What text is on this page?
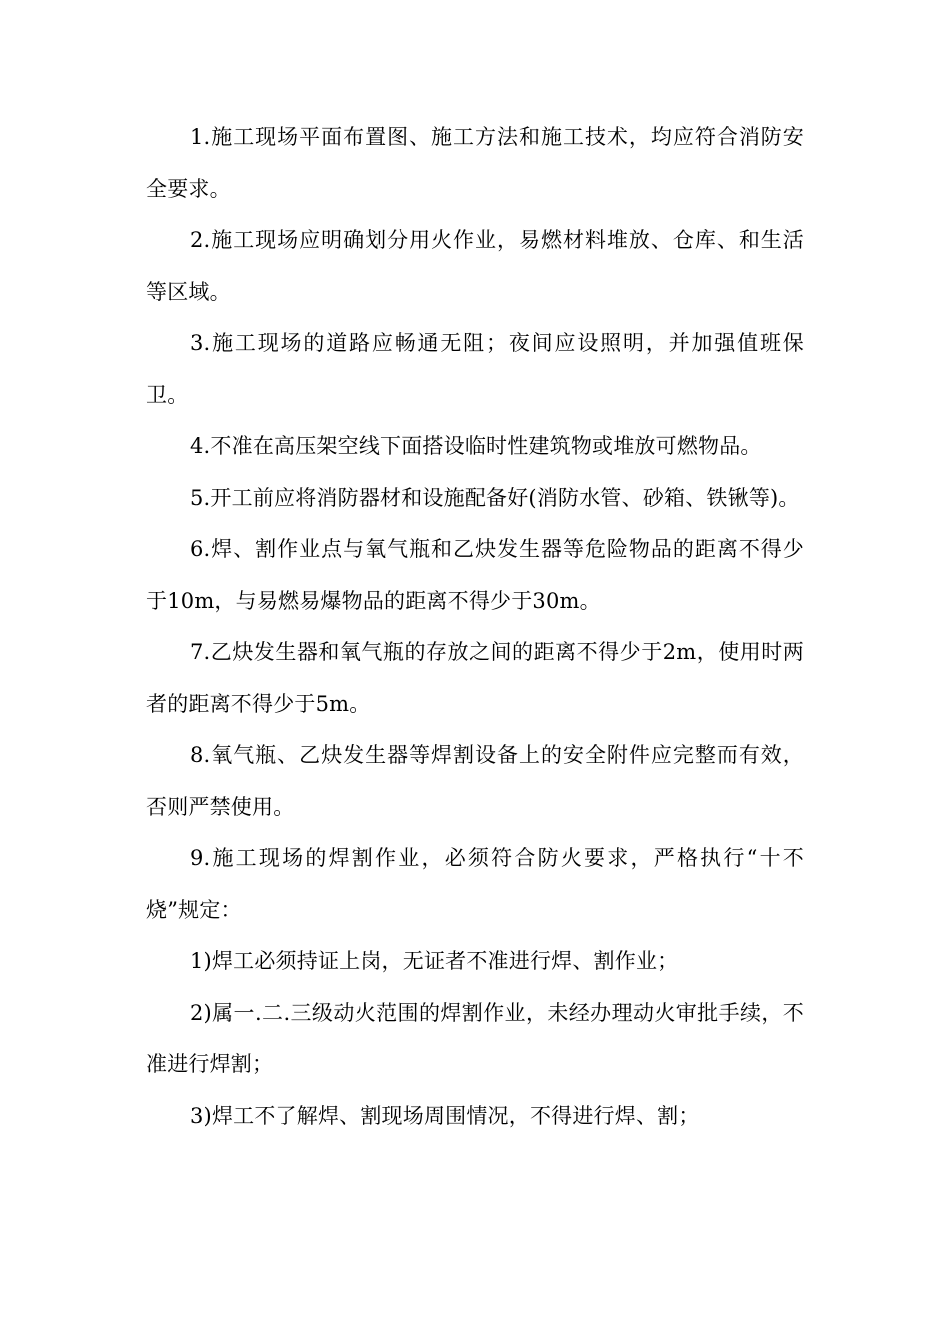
1.施工现场平面布置图、施工方法和施工技术，均应符合消防安全要求。

2.施工现场应明确划分用火作业，易燃材料堆放、仓库、和生活等区域。

3.施工现场的道路应畅通无阻；夜间应设照明，并加强值班保卫。

4.不准在高压架空线下面搭设临时性建筑物或堆放可燃物品。

5.开工前应将消防器材和设施配备好(消防水管、砂箱、铁锹等)。

6.焊、割作业点与氧气瓶和乙炔发生器等危险物品的距离不得少于10m，与易燃易爆物品的距离不得少于30m。

7.乙炔发生器和氧气瓶的存放之间的距离不得少于2m，使用时两者的距离不得少于5m。

8.氧气瓶、乙炔发生器等焊割设备上的安全附件应完整而有效，否则严禁使用。

9.施工现场的焊割作业，必须符合防火要求，严格执行“十不烧”规定：

1)焊工必须持证上岗，无证者不准进行焊、割作业；

2)属一.二.三级动火范围的焊割作业，未经办理动火审批手续，不准进行焊割；

3)焊工不了解焊、割现场周围情况，不得进行焊、割；
